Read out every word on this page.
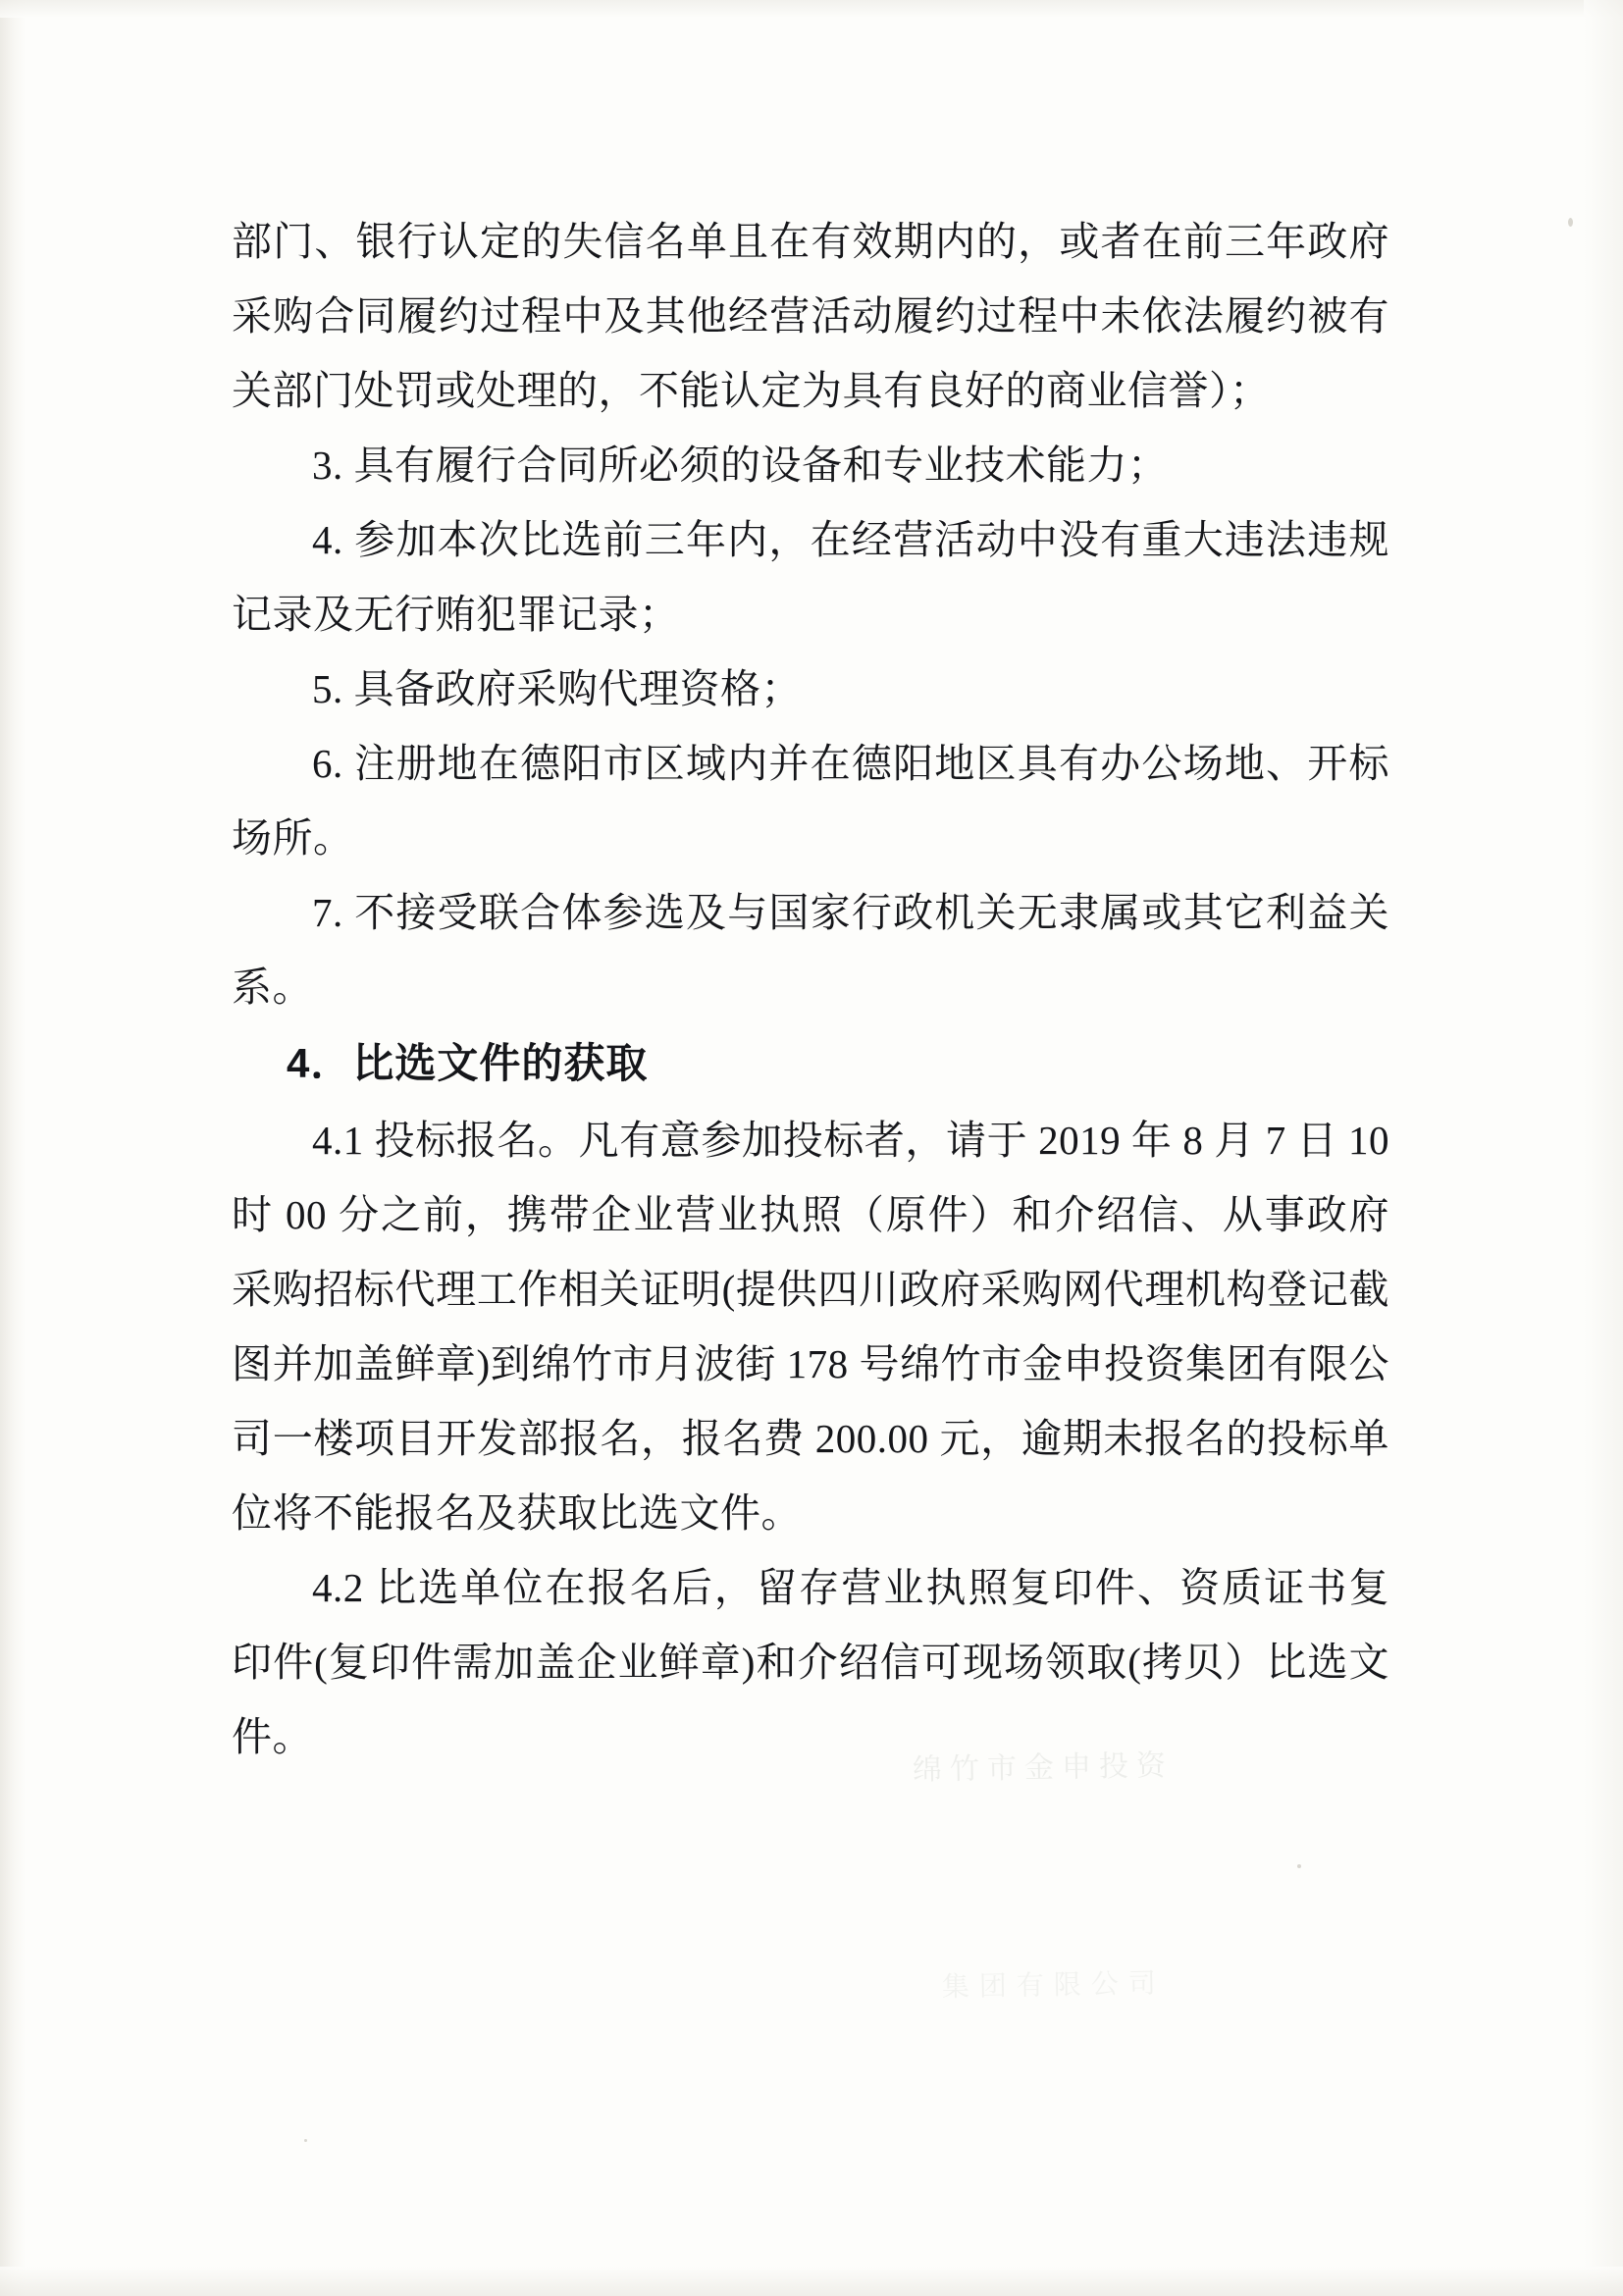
绵竹市金申投资
集团有限公司

部门、银行认定的失信名单且在有效期内的，或者在前三年政府采购合同履约过程中及其他经营活动履约过程中未依法履约被有关部门处罚或处理的，不能认定为具有良好的商业信誉）；

3. 具有履行合同所必须的设备和专业技术能力；

4. 参加本次比选前三年内，在经营活动中没有重大违法违规记录及无行贿犯罪记录；

5. 具备政府采购代理资格；

6. 注册地在德阳市区域内并在德阳地区具有办公场地、开标场所。

7. 不接受联合体参选及与国家行政机关无隶属或其它利益关系。

4．比选文件的获取

4.1 投标报名。凡有意参加投标者，请于 2019 年 8 月 7 日 10 时 00 分之前，携带企业营业执照（原件）和介绍信、从事政府采购招标代理工作相关证明(提供四川政府采购网代理机构登记截图并加盖鲜章)到绵竹市月波街 178 号绵竹市金申投资集团有限公司一楼项目开发部报名，报名费 200.00 元，逾期未报名的投标单位将不能报名及获取比选文件。

4.2 比选单位在报名后，留存营业执照复印件、资质证书复印件(复印件需加盖企业鲜章)和介绍信可现场领取(拷贝）比选文件。
